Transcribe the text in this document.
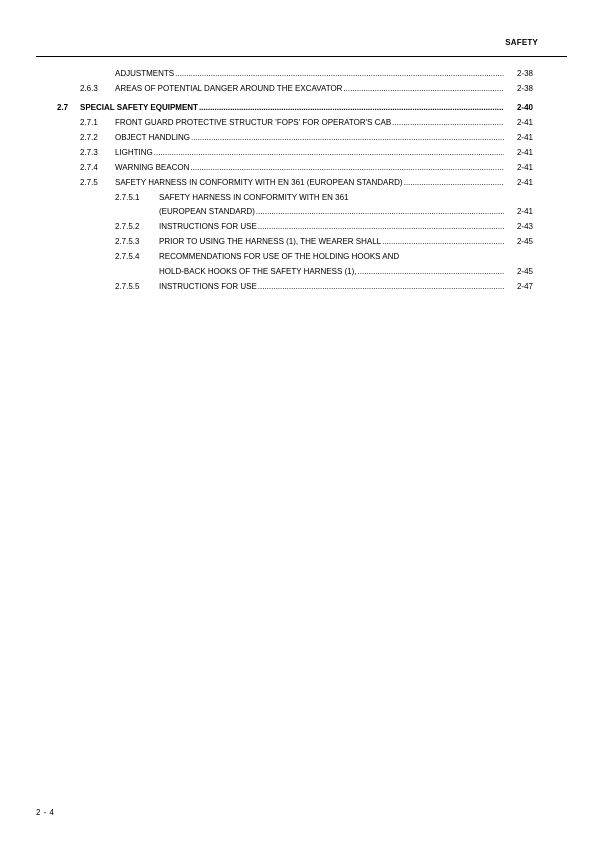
SAFETY
ADJUSTMENTS .....	2-38
2.6.3 AREAS OF POTENTIAL DANGER AROUND THE EXCAVATOR .....	2-38
2.7 SPECIAL SAFETY EQUIPMENT .....	2-40
2.7.1 FRONT GUARD PROTECTIVE STRUCTUR 'FOPS' FOR OPERATOR'S CAB .....	2-41
2.7.2 OBJECT HANDLING .....	2-41
2.7.3 LIGHTING .....	2-41
2.7.4 WARNING BEACON .....	2-41
2.7.5 SAFETY HARNESS IN CONFORMITY WITH EN 361 (EUROPEAN STANDARD) .....	2-41
2.7.5.1 SAFETY HARNESS IN CONFORMITY WITH EN 361
(EUROPEAN STANDARD) .....	2-41
2.7.5.2 INSTRUCTIONS FOR USE .....	2-43
2.7.5.3 PRIOR TO USING THE HARNESS (1), THE WEARER SHALL .....	2-45
2.7.5.4 RECOMMENDATIONS FOR USE OF THE HOLDING HOOKS AND
HOLD-BACK HOOKS OF THE SAFETY HARNESS (1), .....	2-45
2.7.5.5 INSTRUCTIONS FOR USE .....	2-47
2 - 4
